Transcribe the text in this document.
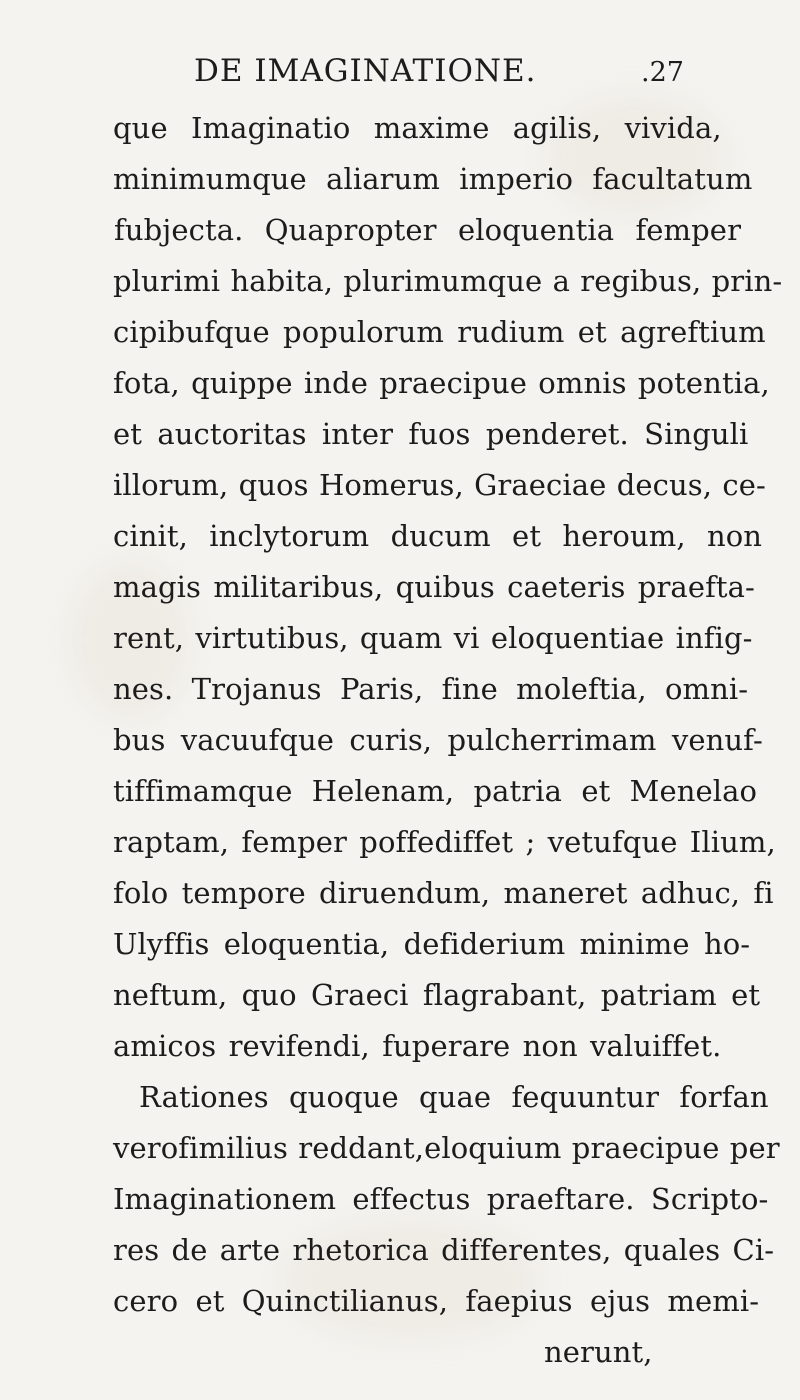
DE IMAGINATIONE.	.27
que Imaginatio maxime agilis, vivida,
minimumque aliarum imperio facultatum
fubjecta. Quapropter eloquentia femper
plurimi habita, plurimumque a regibus, prin-
cipibufque populorum rudium et agreftium
fota, quippe inde praecipue omnis potentia,
et auctoritas inter fuos penderet. Singuli
illorum, quos Homerus, Graeciae decus, ce-
cinit, inclytorum ducum et heroum, non
magis militaribus, quibus caeteris praefta-
rent, virtutibus, quam vi eloquentiae infig-
nes. Trojanus Paris, fine moleftia, omni-
bus vacuufque curis, pulcherrimam venuf-
tiffimamque Helenam, patria et Menelao
raptam, femper poffediffet ; vetufque Ilium,
folo tempore diruendum, maneret adhuc, fi
Ulyffis eloquentia, defiderium minime ho-
neftum, quo Graeci flagrabant, patriam et
amicos revifendi, fuperare non valuiffet.
Rationes quoque quae fequuntur forfan
verofimilius reddant,eloquium praecipue per
Imaginationem effectus praeftare. Scripto-
res de arte rhetorica differentes, quales Ci-
cero et Quinctilianus, faepius ejus memi-
nerunt,
